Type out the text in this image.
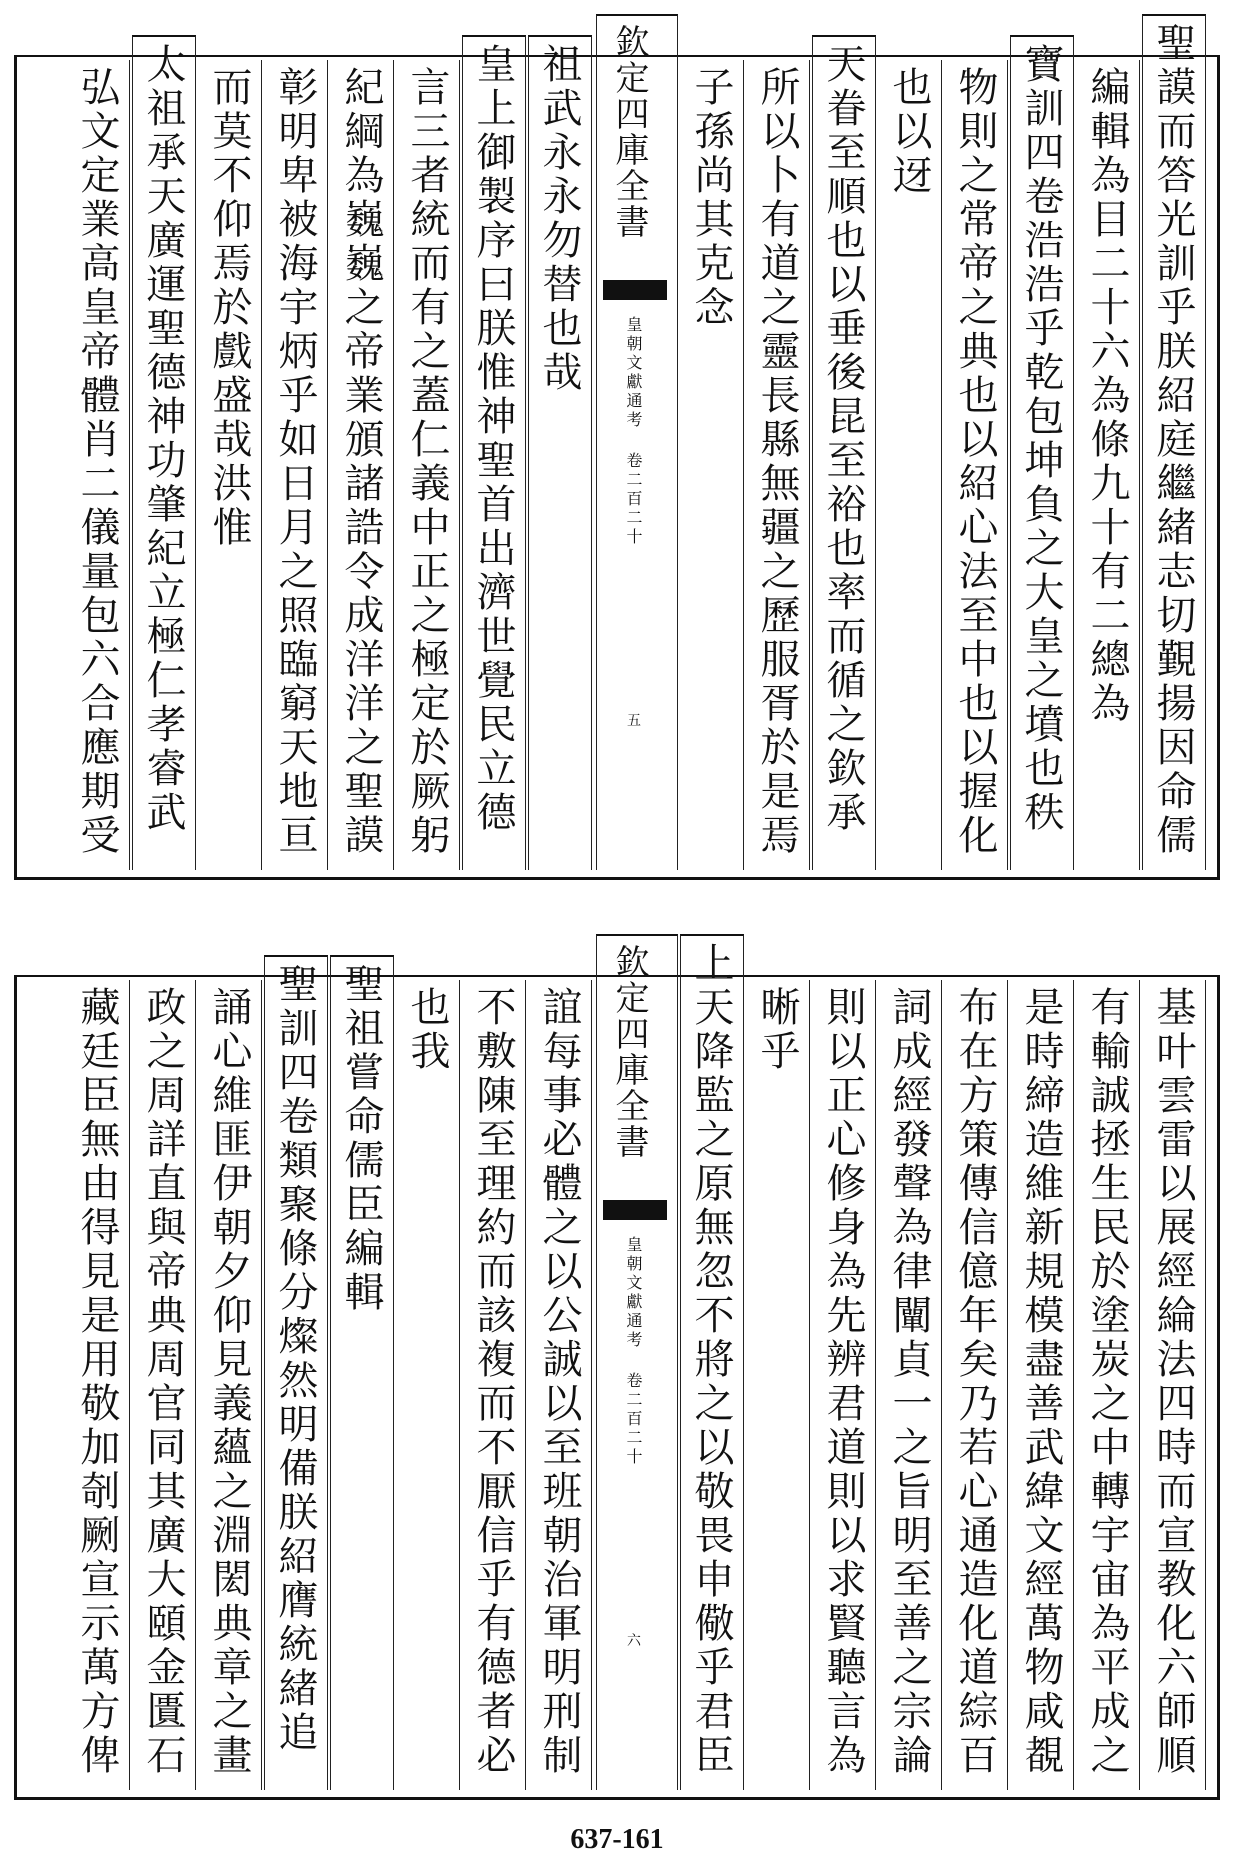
聖謨而答光訓乎朕紹庭繼緒志切覲揚因命儒
編輯為目二十六為條九十有二總為
寶訓四卷浩浩乎乾包坤負之大皇之墳也秩
物則之常帝之典也以紹心法至中也以握化
也以迓
天眷至順也以垂後昆至裕也率而循之欽承
所以卜有道之靈長縣無疆之歷服胥於是焉
子孫尚其克念
欽定四庫全書
皇朝文獻通考 卷二百二十
五
祖武永永勿替也哉
皇上御製序曰朕惟神聖首出濟世覺民立德
言三者統而有之蓋仁義中正之極定於厥躬
紀綱為巍巍之帝業頒諸誥令成洋洋之聖謨
彰明卑被海宇炳乎如日月之照臨窮天地亘
而莫不仰焉於戲盛哉洪惟
太祖承天廣運聖德神功肇紀立極仁孝睿武
弘文定業高皇帝體肖二儀量包六合應期受
基叶雲雷以展經綸法四時而宣教化六師順
有輸誠拯生民於塗炭之中轉宇宙為平成之
是時締造維新規模盡善武緯文經萬物咸覩
布在方策傳信億年矣乃若心通造化道綜百
詞成經發聲為律闡貞一之旨明至善之宗論
則以正心修身為先辨君道則以求賢聽言為
晰乎
上天降監之原無忽不將之以敬畏申儆乎君臣
欽定四庫全書
皇朝文獻通考 卷二百二十
六
誼每事必體之以公誠以至班朝治軍明刑制
不敷陳至理約而該複而不厭信乎有德者必
也我
聖祖嘗命儒臣編輯
聖訓四卷類聚條分燦然明備朕紹膺統緒追
誦心維匪伊朝夕仰見義蘊之淵閎典章之畫
政之周詳直與帝典周官同其廣大頤金匱石
藏廷臣無由得見是用敬加剞劂宣示萬方俾
637-161
